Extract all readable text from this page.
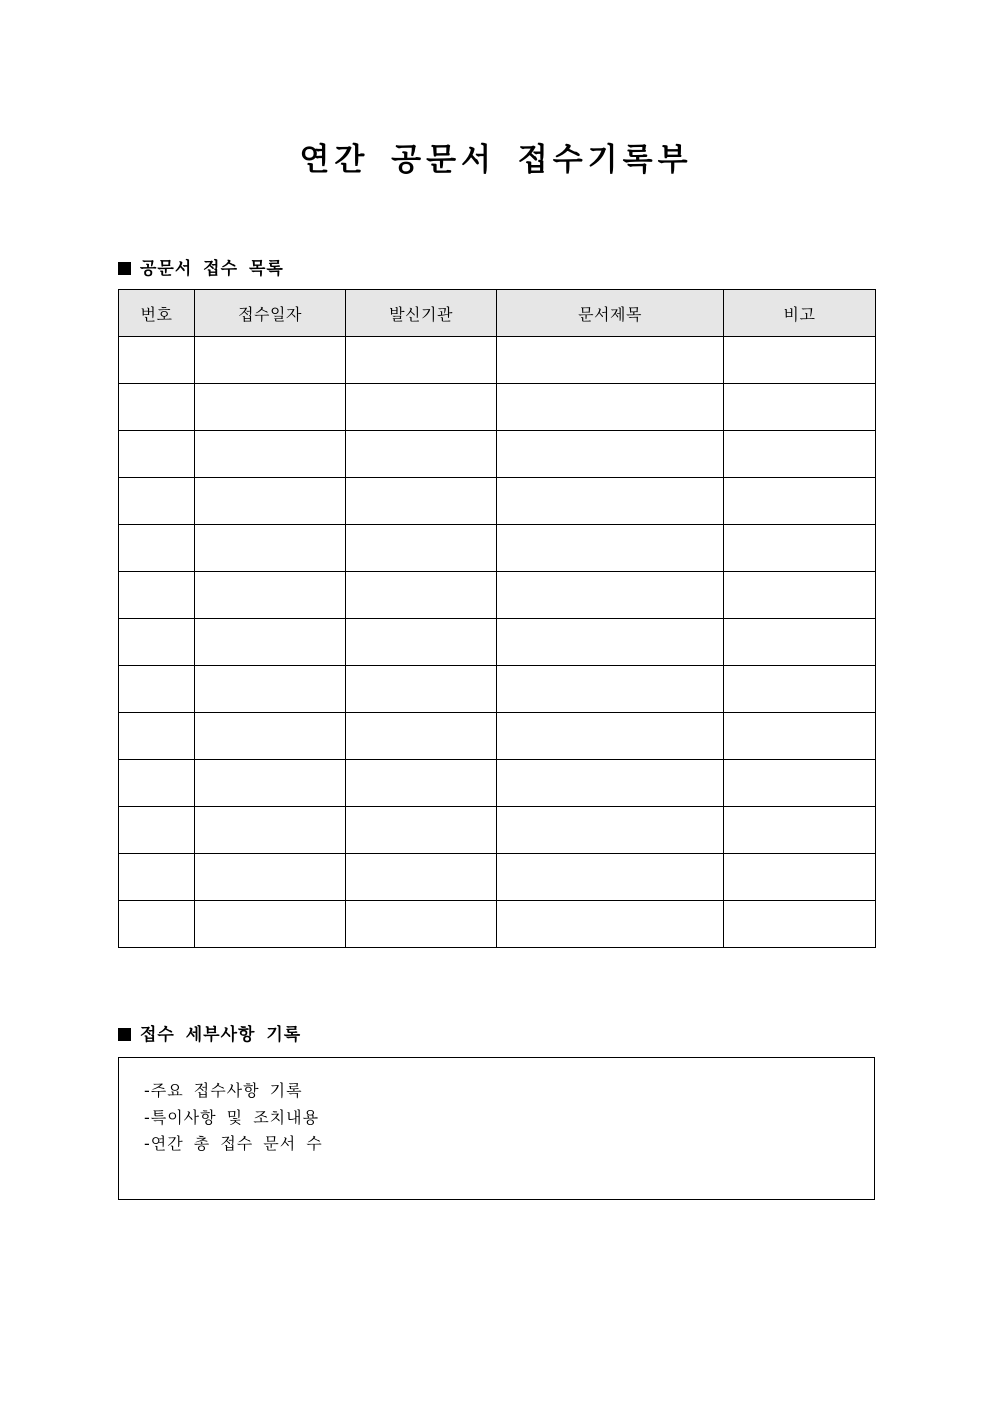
연간 공문서 접수기록부
공문서 접수 목록
번호	접수일자	발신기관	문서제목	비고

접수 세부사항 기록
-주요 접수사항 기록
-특이사항 및 조치내용
-연간 총 접수 문서 수
